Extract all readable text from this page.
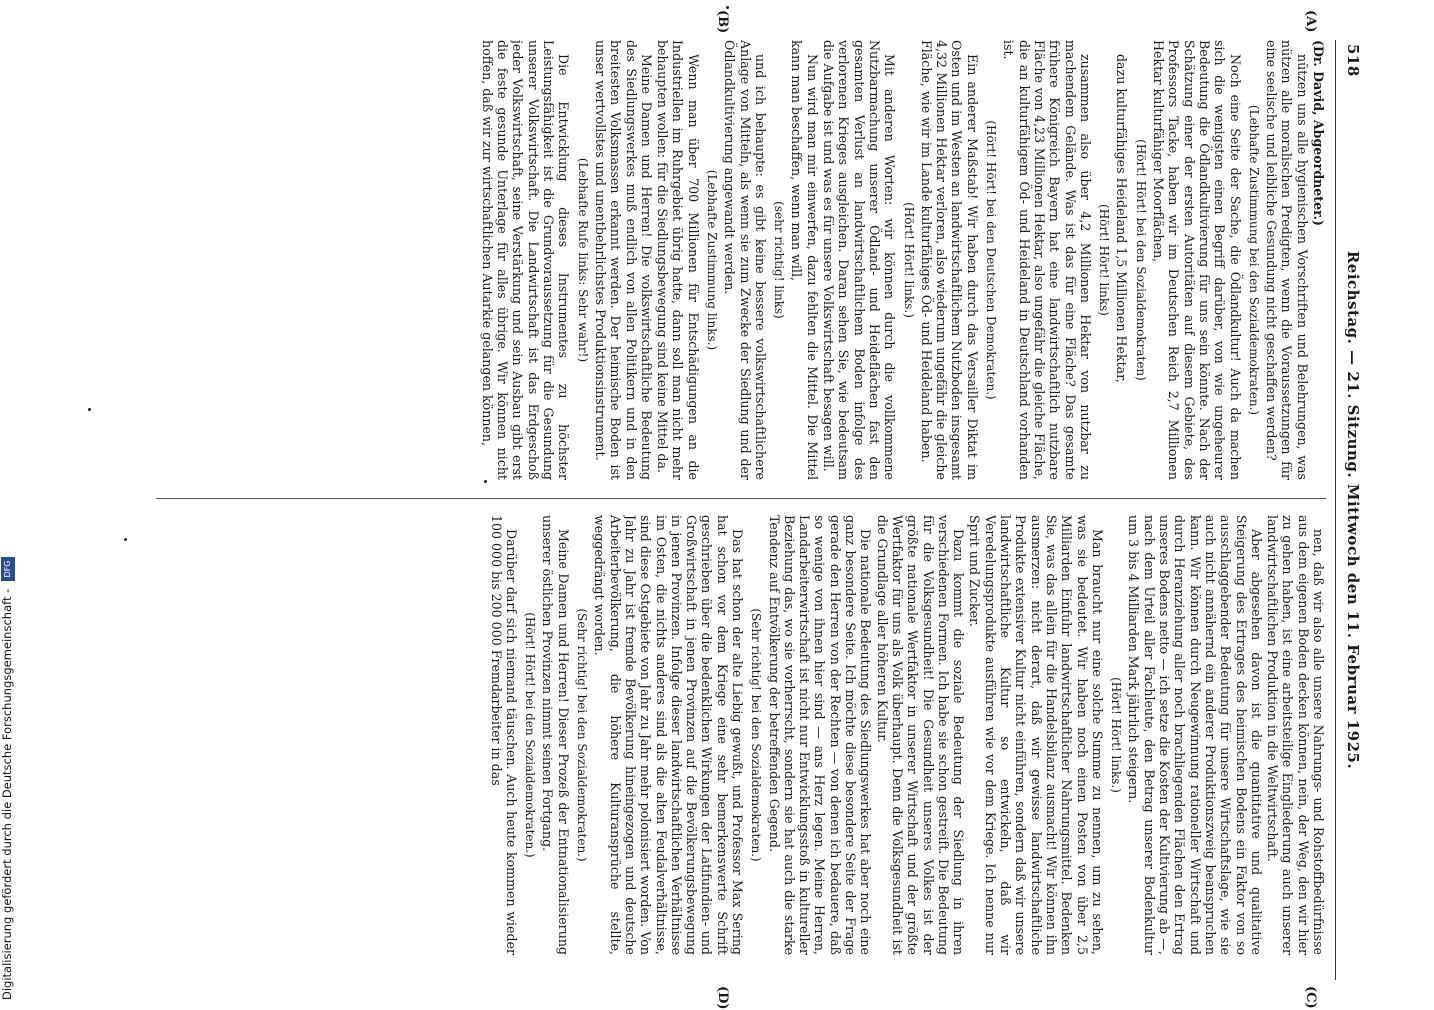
518
Reichstag. — 21. Sitzung. Mittwoch den 11. Februar 1925.
(A)
(B)
(C)
(D)

(Dr. David, Abgeordneter.)

nützen uns alle hygienischen Vorschriften und Belehrungen, was nützen alle moralischen Predigten, wenn die Voraussetzungen für eine seelische und leibliche Gesundung nicht geschaffen werden?

(Lebhafte Zustimmung bei den Sozialdemokraten.)

Noch eine Seite der Sache, die Ödlandkultur! Auch da machen sich die wenigsten einen Begriff darüber, von wie ungeheurer Bedeutung die Ödlandkultivierung für uns sein könnte. Nach der Schätzung einer der ersten Autoritäten auf diesem Gebiete, des Professors Tacke, haben wir im Deutschen Reich 2,7 Millionen Hektar kulturfähiger Moorflächen,

(Hört! Hört! bei den Sozialdemokraten)

dazu kulturfähiges Heideland 1,5 Millionen Hektar,

(Hört! Hört! links)

zusammen also über 4,2 Millionen Hektar von nutzbar zu machendem Gelände. Was ist das für eine Fläche? Das gesamte frühere Königreich Bayern hat eine landwirtschaftlich nutzbare Fläche von 4,23 Millionen Hektar, also ungefähr die gleiche Fläche, die an kulturfähigem Öd- und Heideland in Deutschland vorhanden ist.

(Hört! Hört! bei den Deutschen Demokraten.)

Ein anderer Maßstab! Wir haben durch das Versailler Diktat im Osten und im Westen an landwirtschaftlichem Nutzboden insgesamt 4,32 Millionen Hektar verloren, also wiederum ungefähr die gleiche Fläche, wie wir im Lande kulturfähiges Öd- und Heideland haben.

(Hört! Hört! links.)

Mit anderen Worten: wir können durch die vollkommene Nutzbarmachung unserer Ödland- und Heideflächen fast den gesamten Verlust an landwirtschaftlichem Boden infolge des verlorenen Krieges ausgleichen. Daran sehen Sie, wie bedeutsam die Aufgabe ist und was es für unsere Volkswirtschaft besagen will.

Nun wird man mir einwerfen, dazu fehlten die Mittel. Die Mittel kann man beschaffen, wenn man will,

(sehr richtig! links)

und ich behaupte: es gibt keine bessere volkswirtschaftlichere Anlage von Mitteln, als wenn sie zum Zwecke der Siedlung und der Ödlandkultivierung angewandt werden.

(Lebhafte Zustimmung links.)

Wenn man über 700 Millionen für Entschädigungen an die Industriellen im Ruhrgebiet übrig hatte, dann soll man nicht mehr behaupten wollen: für die Siedlungsbewegung sind keine Mittel da.

Meine Damen und Herren! Die volkswirtschaftliche Bedeutung des Siedlungswerkes muß endlich von allen Politikern und in den breitesten Volksmassen erkannt werden. Der heimische Boden ist unser wertvollstes und unentbehrlichstes Produktionsinstrument.

(Lebhafte Rufe links: Sehr wahr!)

Die Entwicklung dieses Instrumentes zu höchster Leistungsfähigkeit ist die Grundvoraussetzung für die Gesundung unserer Volkswirtschaft. Die Landwirtschaft ist das Erdgeschoß jeder Volkswirtschaft, seine Verstärkung und sein Ausbau gibt erst die feste gesunde Unterlage für alles übrige. Wir können nicht hoffen, daß wir zur wirtschaftlichen Autarkie gelangen können,

nen, daß wir also alle unsere Nahrungs- und Rohstoffbedürfnisse aus dem eigenen Boden decken können, nein, der Weg, den wir hier zu gehen haben, ist eine arbeitsteilige Eingliederung auch unserer landwirtschaftlichen Produktion in die Weltwirtschaft.

Aber abgesehen davon ist die quantitative und qualitative Steigerung des Ertrages des heimischen Bodens ein Faktor von so ausschlaggebender Bedeutung für unsere Wirtschaftslage, wie sie auch nicht annähernd ein anderer Produktionszweig beanspruchen kann. Wir können durch Neugewinnung rationeller Wirtschaft und durch Heranziehung aller noch brachliegenden Flächen den Ertrag unseres Bodens netto — ich setze die Kosten der Kultivierung ab —, nach dem Urteil aller Fachleute, den Betrag unserer Bodenkultur um 3 bis 4 Milliarden Mark jährlich steigern.

(Hört! Hört! links.)

Man braucht nur eine solche Summe zu nennen, um zu sehen, was sie bedeutet. Wir haben noch einen Posten von über 2,5 Milliarden Einfuhr landwirtschaftlicher Nahrungsmittel. Bedenken Sie, was das allein für die Handelsbilanz ausmacht! Wir können ihn ausmerzen: nicht derart, daß wir gewisse landwirtschaftliche Produkte extensiver Kultur nicht einführen, sondern daß wir unsere landwirtschaftliche Kultur so entwickeln, daß wir Veredelungsprodukte ausführen wie vor dem Kriege. Ich nenne nur Sprit und Zucker.

Dazu kommt die soziale Bedeutung der Siedlung in ihren verschiedenen Formen. Ich habe sie schon gestreift. Die Bedeutung für die Volksgesundheit! Die Gesundheit unseres Volkes ist der größte nationale Wertfaktor in unserer Wirtschaft und der größte Wertfaktor für uns als Volk überhaupt. Denn die Volksgesundheit ist die Grundlage aller höheren Kultur.

Die nationale Bedeutung des Siedlungswerkes hat aber noch eine ganz besondere Seite. Ich möchte diese besondere Seite der Frage gerade den Herren von der Rechten — von denen ich bedauere, daß so wenige von ihnen hier sind — ans Herz legen. Meine Herren, Landarbeiterwirtschaft ist nicht nur Entwicklungsstoß in kultureller Beziehung das, wo sie vorherrscht, sondern sie hat auch die starke Tendenz auf Entvölkerung der betreffenden Gegend.

(Sehr richtig! bei den Sozialdemokraten.)

Das hat schon der alte Liebig gewußt, und Professor Max Sering hat schon vor dem Kriege eine sehr bemerkenswerte Schrift geschrieben über die bedenklichen Wirkungen der Latifundien- und Großwirtschaft in jenen Provinzen auf die Bevölkerungsbewegung in jenen Provinzen. Infolge dieser landwirtschaftlichen Verhältnisse im Osten, die nichts anderes sind als die alten Feudalverhältnisse, sind diese Ostgebiete von Jahr zu Jahr mehr polonisiert worden. Von Jahr zu Jahr ist fremde Bevölkerung hineingezogen und deutsche Arbeiterbevölkerung, die höhere Kulturansprüche stellte, weggedrängt worden.

(Sehr richtig! bei den Sozialdemokraten.)

Meine Damen und Herren! Dieser Prozeß der Entnationalisierung unserer östlichen Provinzen nimmt seinen Fortgang.

(Hört! Hört! bei den Sozialdemokraten.)

Darüber darf sich niemand täuschen. Auch heute kommen wieder 100 000 bis 200 000 Fremdarbeiter in das

Digitalisierung gefördert durch die Deutsche Forschungsgemeinschaft - DFG
